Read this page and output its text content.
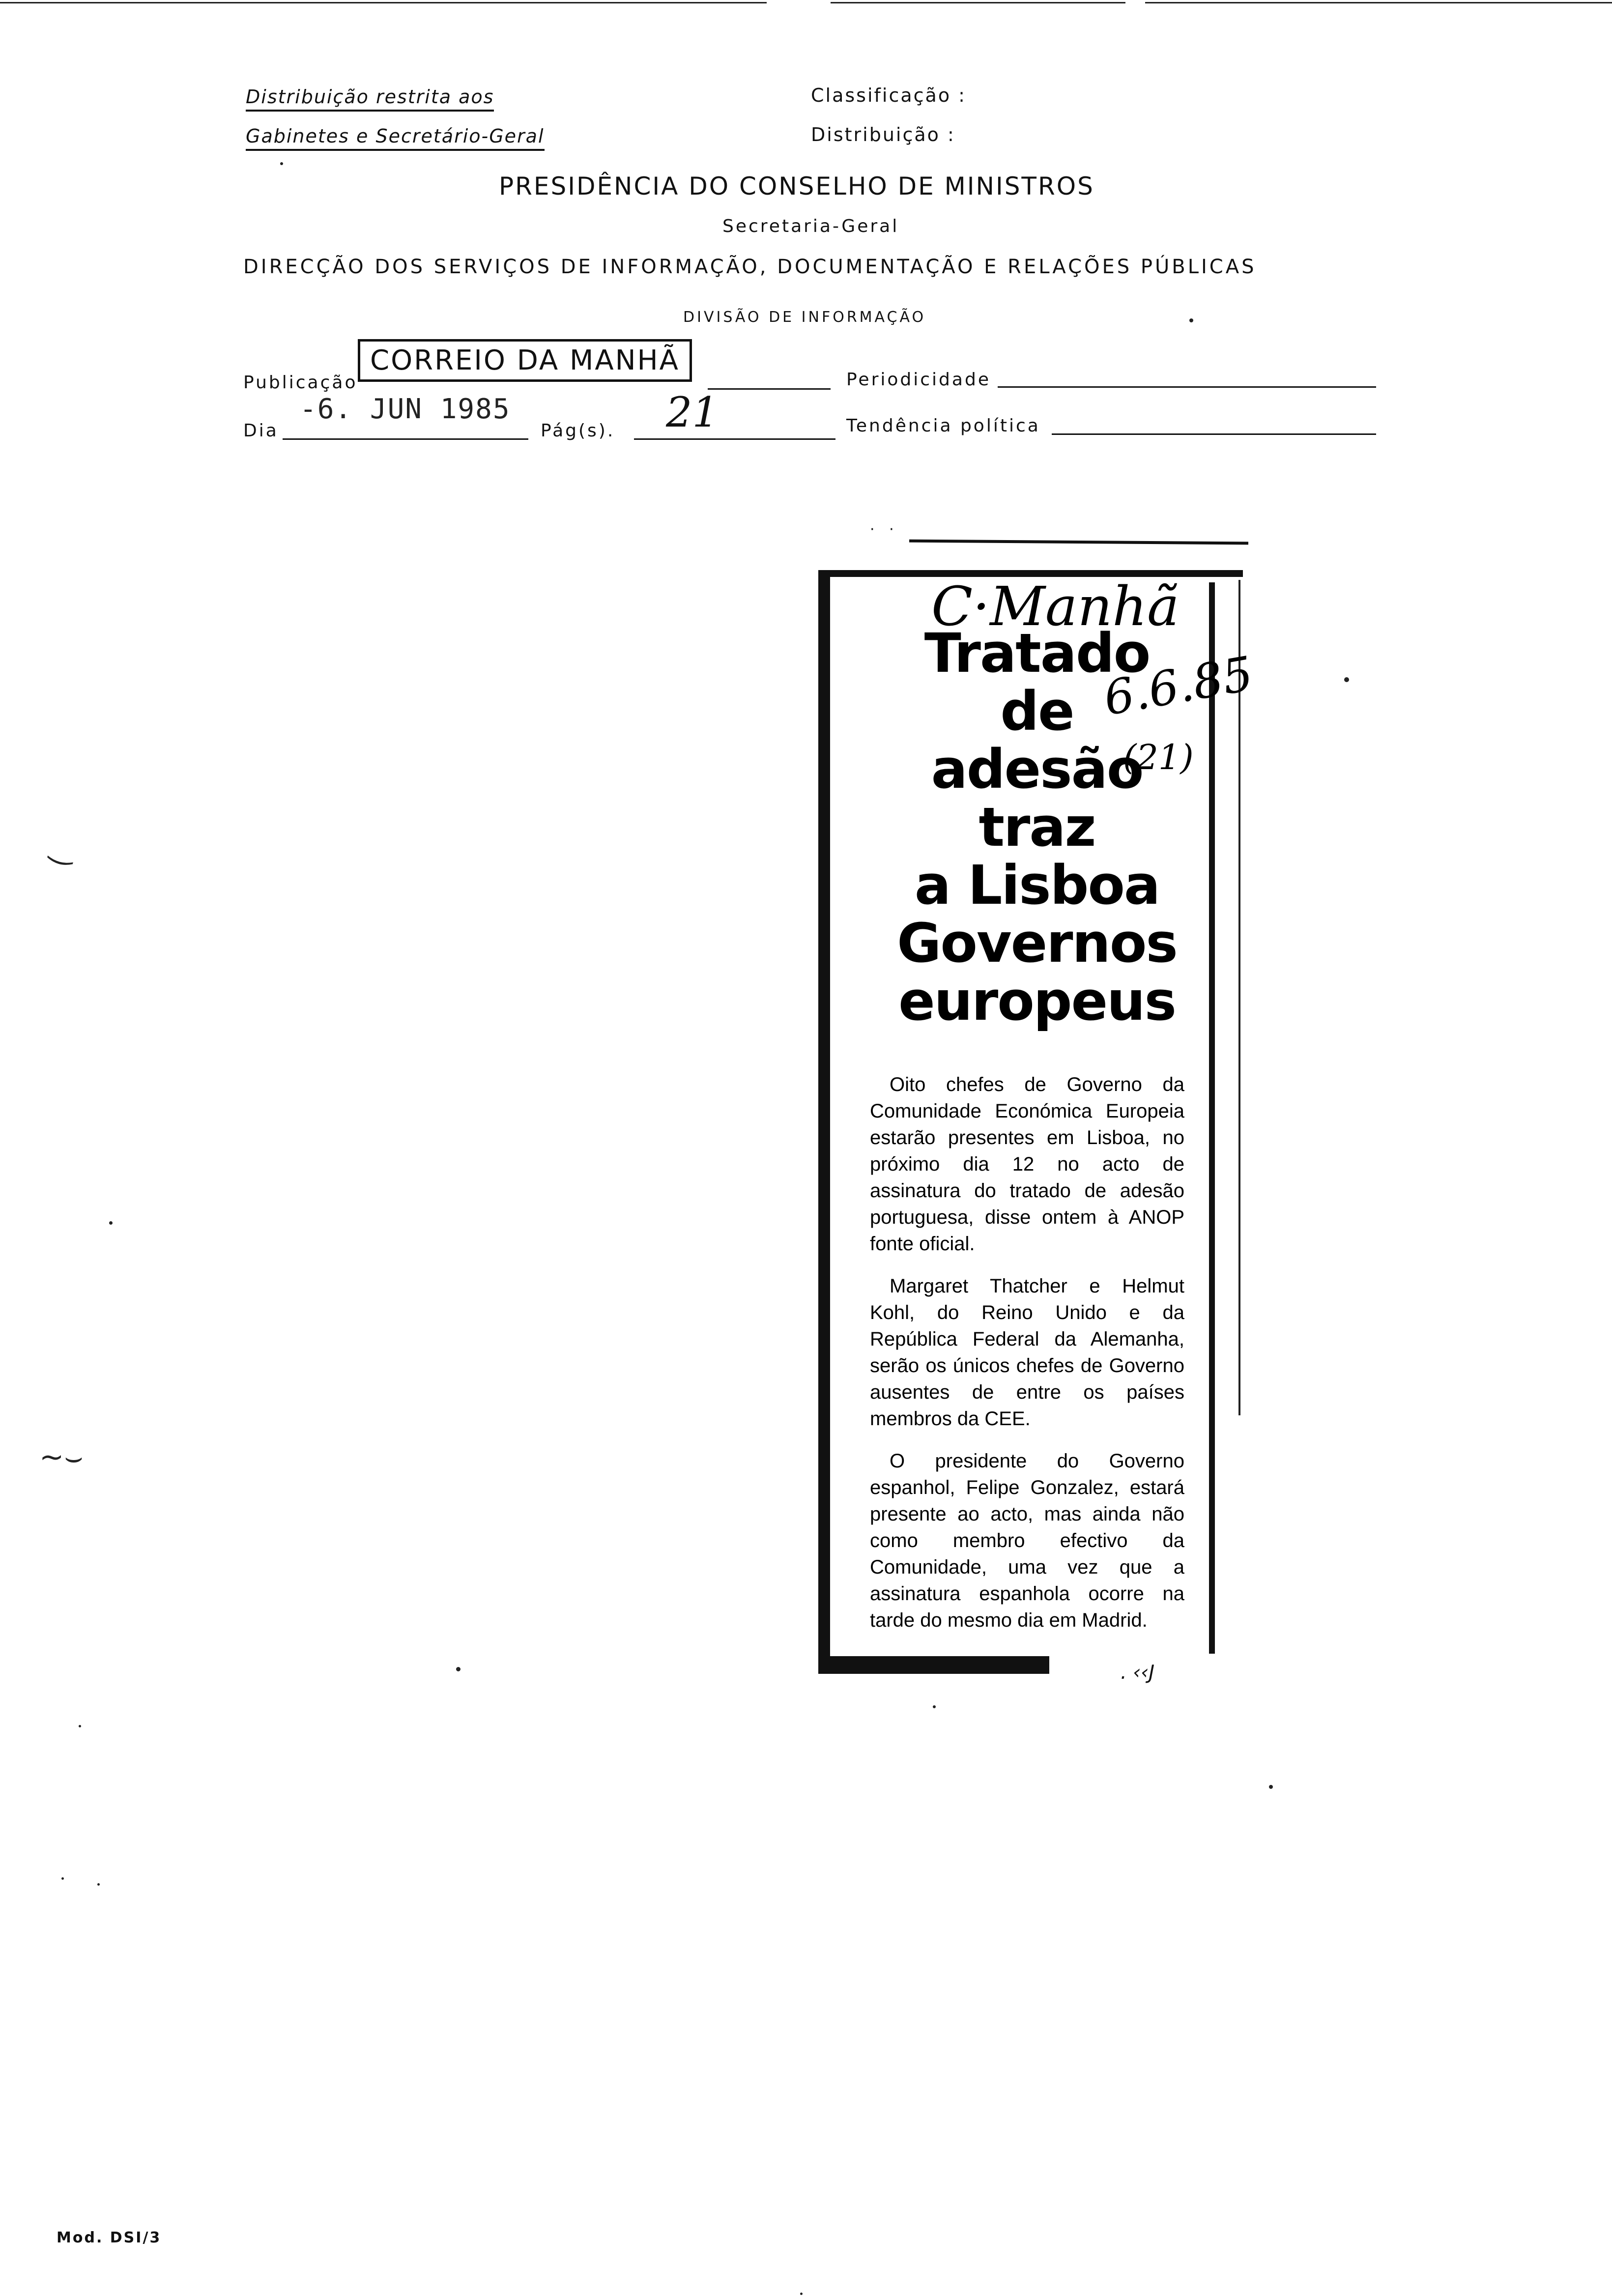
Distribuição restrita aos
Gabinetes e Secretário-Geral
Classificação :
Distribuição :
PRESIDÊNCIA DO CONSELHO DE MINISTROS
Secretaria-Geral
DIRECÇÃO DOS SERVIÇOS DE INFORMAÇÃO, DOCUMENTAÇÃO E RELAÇÕES PÚBLICAS
DIVISÃO DE INFORMAÇÃO
Publicação
CORREIO DA MANHÃ
Periodicidade
Dia
-6. JUN 1985
Pág(s). 21	Tendência política
· ·
. ‹‹J
C·Manhã
6.6.85
(21)
Tratado
de
adesão
traz
a Lisboa
Governos
europeus

Oito chefes de Governo da Comunidade Económica Europeia estarão presentes em Lisboa, no próximo dia 12 no acto de assinatura do tratado de adesão portuguesa, disse ontem à ANOP fonte oficial.

Margaret Thatcher e Helmut Kohl, do Reino Unido e da República Federal da Alemanha, serão os únicos chefes de Governo ausentes de entre os países membros da CEE.

O presidente do Governo espanhol, Felipe Gonzalez, estará presente ao acto, mas ainda não como membro efectivo da Comunidade, uma vez que a assinatura espanhola ocorre na tarde do mesmo dia em Madrid.

‿
~⌣
Mod. DSI/3
